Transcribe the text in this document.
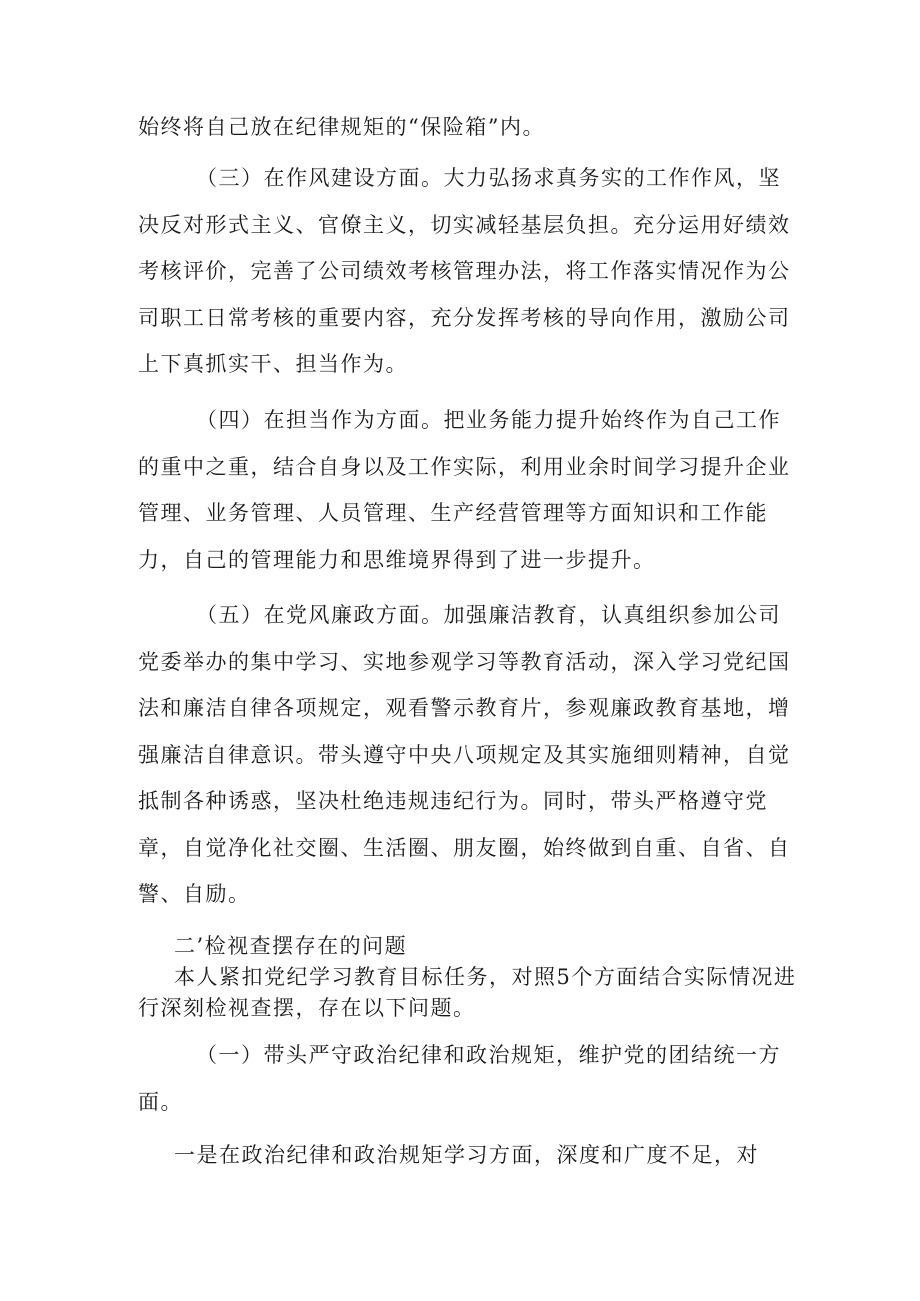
始终将自己放在纪律规矩的“保险箱”内。

（三）在作风建设方面。大力弘扬求真务实的工作作风，坚决反对形式主义、官僚主义，切实减轻基层负担。充分运用好绩效考核评价，完善了公司绩效考核管理办法，将工作落实情况作为公司职工日常考核的重要内容，充分发挥考核的导向作用，激励公司上下真抓实干、担当作为。

（四）在担当作为方面。把业务能力提升始终作为自己工作的重中之重，结合自身以及工作实际，利用业余时间学习提升企业管理、业务管理、人员管理、生产经营管理等方面知识和工作能力，自己的管理能力和思维境界得到了进一步提升。

（五）在党风廉政方面。加强廉洁教育，认真组织参加公司党委举办的集中学习、实地参观学习等教育活动，深入学习党纪国法和廉洁自律各项规定，观看警示教育片，参观廉政教育基地，增强廉洁自律意识。带头遵守中央八项规定及其实施细则精神，自觉抵制各种诱惑，坚决杜绝违规违纪行为。同时，带头严格遵守党章，自觉净化社交圈、生活圈、朋友圈，始终做到自重、自省、自警、自励。

二’检视查摆存在的问题

本人紧扣党纪学习教育目标任务，对照5个方面结合实际情况进行深刻检视查摆，存在以下问题。

（一）带头严守政治纪律和政治规矩，维护党的团结统一方面。

一是在政治纪律和政治规矩学习方面，深度和广度不足，对
